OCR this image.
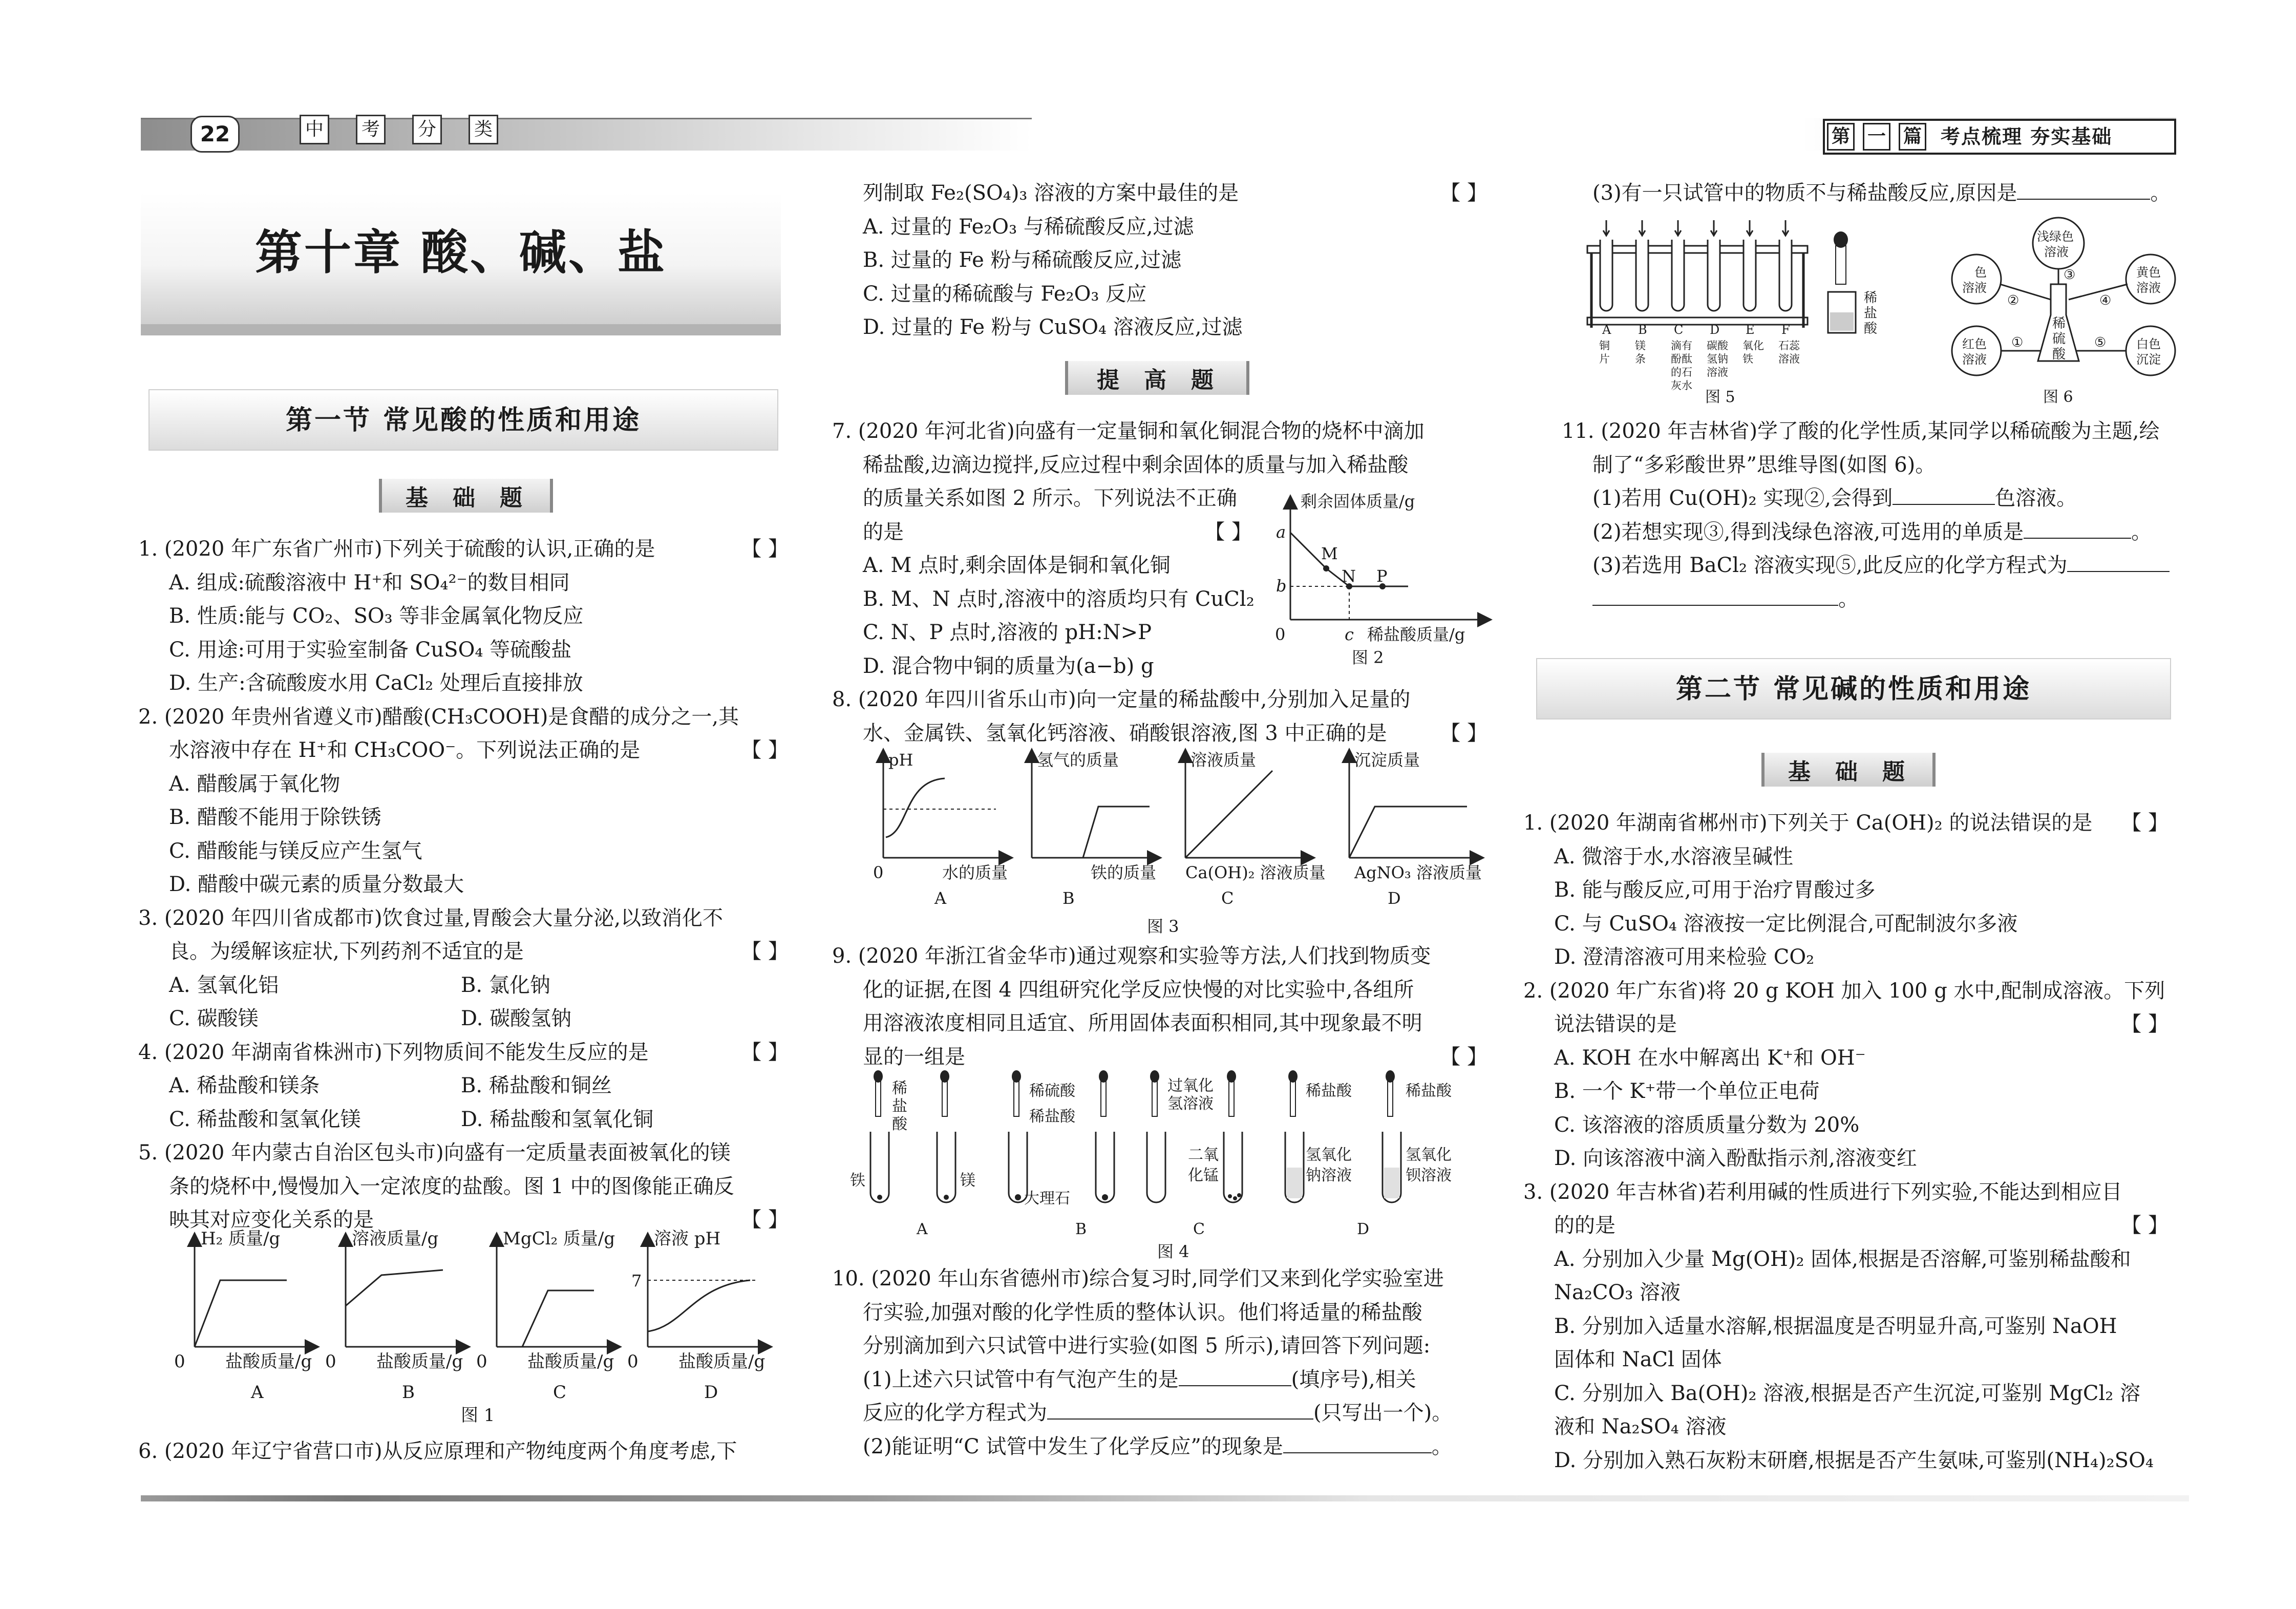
22	中	考	分	类	第 一 篇 考点梳理 夯实基础
第十章 酸、碱、盐
第一节 常见酸的性质和用途
基 础 题
1. (2020 年广东省广州市)下列关于硫酸的认识,正确的是	【 】
A. 组成:硫酸溶液中 H⁺和 SO₄²⁻的数目相同
B. 性质:能与 CO₂、SO₃ 等非金属氧化物反应
C. 用途:可用于实验室制备 CuSO₄ 等硫酸盐
D. 生产:含硫酸废水用 CaCl₂ 处理后直接排放
2. (2020 年贵州省遵义市)醋酸(CH₃COOH)是食醋的成分之一,其
水溶液中存在 H⁺和 CH₃COO⁻。下列说法正确的是	【 】
A. 醋酸属于氧化物
B. 醋酸不能用于除铁锈
C. 醋酸能与镁反应产生氢气
D. 醋酸中碳元素的质量分数最大
3. (2020 年四川省成都市)饮食过量,胃酸会大量分泌,以致消化不
良。为缓解该症状,下列药剂不适宜的是	【 】
A. 氢氧化铝	B. 氯化钠
C. 碳酸镁	D. 碳酸氢钠
4. (2020 年湖南省株洲市)下列物质间不能发生反应的是	【 】
A. 稀盐酸和镁条	B. 稀盐酸和铜丝
C. 稀盐酸和氢氧化镁	D. 稀盐酸和氢氧化铜
5. (2020 年内蒙古自治区包头市)向盛有一定质量表面被氧化的镁
条的烧杯中,慢慢加入一定浓度的盐酸。图 1 中的图像能正确反
映其对应变化关系的是	【 】
H₂ 质量/g
0 盐酸质量/g
A
溶液质量/g
0 盐酸质量/g
B
MgCl₂ 质量/g
0 盐酸质量/g
C
溶液 pH
7
0 盐酸质量/g
D
图 1
6. (2020 年辽宁省营口市)从反应原理和产物纯度两个角度考虑,下
列制取 Fe₂(SO₄)₃ 溶液的方案中最佳的是	【 】
A. 过量的 Fe₂O₃ 与稀硫酸反应,过滤
B. 过量的 Fe 粉与稀硫酸反应,过滤
C. 过量的稀硫酸与 Fe₂O₃ 反应
D. 过量的 Fe 粉与 CuSO₄ 溶液反应,过滤
提 高 题
7. (2020 年河北省)向盛有一定量铜和氧化铜混合物的烧杯中滴加
稀盐酸,边滴边搅拌,反应过程中剩余固体的质量与加入稀盐酸
的质量关系如图 2 所示。下列说法不正确
的是	【 】
A. M 点时,剩余固体是铜和氧化铜
B. M、N 点时,溶液中的溶质均只有 CuCl₂
C. N、P 点时,溶液的 pH:N>P
D. 混合物中铜的质量为(a−b) g
8. (2020 年四川省乐山市)向一定量的稀盐酸中,分别加入足量的
水、金属铁、氢氧化钙溶液、硝酸银溶液,图 3 中正确的是	【 】
剩余固体质量/g
M
N P
a
b
0	c 稀盐酸质量/g
图 2
pH
0	水的质量
A
氢气的质量
铁的质量
B
溶液质量
Ca(OH)₂ 溶液质量
C
沉淀质量
AgNO₃ 溶液质量
D
图 3
9. (2020 年浙江省金华市)通过观察和实验等方法,人们找到物质变
化的证据,在图 4 四组研究化学反应快慢的对比实验中,各组所
用溶液浓度相同且适宜、所用固体表面积相同,其中现象最不明
显的一组是	【 】
稀
盐
酸
铁	镁
A
稀硫酸
稀盐酸
大理石
B
过氧化
氢溶液
二氧
化锰
C
稀盐酸
氢氧化
钠溶液
D
稀盐酸
氢氧化
钡溶液
图 4
10. (2020 年山东省德州市)综合复习时,同学们又来到化学实验室进
行实验,加强对酸的化学性质的整体认识。他们将适量的稀盐酸
分别滴加到六只试管中进行实验(如图 5 所示),请回答下列问题:
(1)上述六只试管中有气泡产生的是	(填序号),相关
反应的化学方程式为	(只写出一个)。
(2)能证明“C 试管中发生了化学反应”的现象是	。
(3)有一只试管中的物质不与稀盐酸反应,原因是	。
A
铜
片
B
镁
条
C
滴有
酚酞
的石
灰水
D
碳酸
氢钠
溶液
E
氧化
铁
F
石蕊
溶液
稀
盐
酸
图 5
稀
硫
酸
浅绿色
溶液
黄色
溶液
白色
沉淀
红色
溶液
色
溶液
③
②	④
①	⑤
图 6
11. (2020 年吉林省)学了酸的化学性质,某同学以稀硫酸为主题,绘
制了“多彩酸世界”思维导图(如图 6)。
(1)若用 Cu(OH)₂ 实现②,会得到	色溶液。
(2)若想实现③,得到浅绿色溶液,可选用的单质是	。
(3)若选用 BaCl₂ 溶液实现⑤,此反应的化学方程式为
。
第二节 常见碱的性质和用途
基 础 题
1. (2020 年湖南省郴州市)下列关于 Ca(OH)₂ 的说法错误的是 【 】
A. 微溶于水,水溶液呈碱性
B. 能与酸反应,可用于治疗胃酸过多
C. 与 CuSO₄ 溶液按一定比例混合,可配制波尔多液
D. 澄清溶液可用来检验 CO₂
2. (2020 年广东省)将 20 g KOH 加入 100 g 水中,配制成溶液。下列
说法错误的是	【 】
A. KOH 在水中解离出 K⁺和 OH⁻
B. 一个 K⁺带一个单位正电荷
C. 该溶液的溶质质量分数为 20%
D. 向该溶液中滴入酚酞指示剂,溶液变红
3. (2020 年吉林省)若利用碱的性质进行下列实验,不能达到相应目
的的是	【 】
A. 分别加入少量 Mg(OH)₂ 固体,根据是否溶解,可鉴别稀盐酸和
Na₂CO₃ 溶液
B. 分别加入适量水溶解,根据温度是否明显升高,可鉴别 NaOH
固体和 NaCl 固体
C. 分别加入 Ba(OH)₂ 溶液,根据是否产生沉淀,可鉴别 MgCl₂ 溶
液和 Na₂SO₄ 溶液
D. 分别加入熟石灰粉末研磨,根据是否产生氨味,可鉴别(NH₄)₂SO₄
